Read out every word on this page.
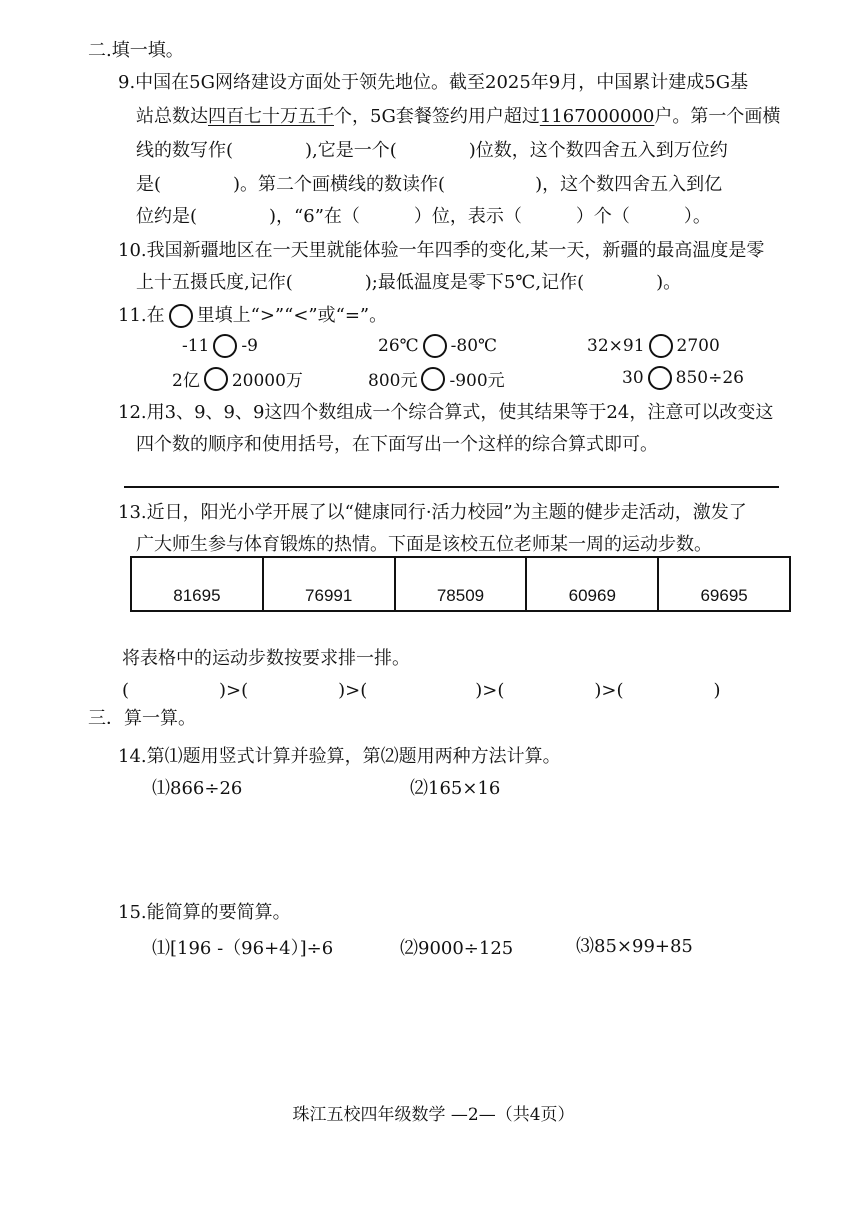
二.填一填。
9.中国在5G网络建设方面处于领先地位。截至2025年9月，中国累计建成5G基
站总数达四百七十万五千个，5G套餐签约用户超过1167000000户。第一个画横
线的数写作(　　　　),它是一个(　　　　)位数，这个数四舍五入到万位约
是(　　　　)。第二个画横线的数读作(　　　　　)，这个数四舍五入到亿
位约是(　　　　)，“6”在（　　　）位，表示（　　　）个（　　　）。
10.我国新疆地区在一天里就能体验一年四季的变化,某一天，新疆的最高温度是零
上十五摄氏度,记作(　　　　);最低温度是零下5℃,记作(　　　　)。
11.在 里填上“>”“<”或“=”。
-11 -9	26℃ -80℃	32×91 2700
2亿 20000万	800元 -900元	30 850÷26
12.用3、9、9、9这四个数组成一个综合算式，使其结果等于24，注意可以改变这
四个数的顺序和使用括号，在下面写出一个这样的综合算式即可。
13.近日，阳光小学开展了以“健康同行·活力校园”为主题的健步走活动，激发了
广大师生参与体育锻炼的热情。下面是该校五位老师某一周的运动步数。
81695	76991	78509	60969	69695
将表格中的运动步数按要求排一排。
(　　　　　)>(　　　　　)>(　　　　　　)>(　　　　　)>(　　　　　)
三．算一算。
14.第⑴题用竖式计算并验算，第⑵题用两种方法计算。
⑴866÷26	⑵165×16
15.能简算的要简算。
⑴[196 -（96+4）]÷6	⑵9000÷125	⑶85×99+85
珠江五校四年级数学 —2—（共4页）
